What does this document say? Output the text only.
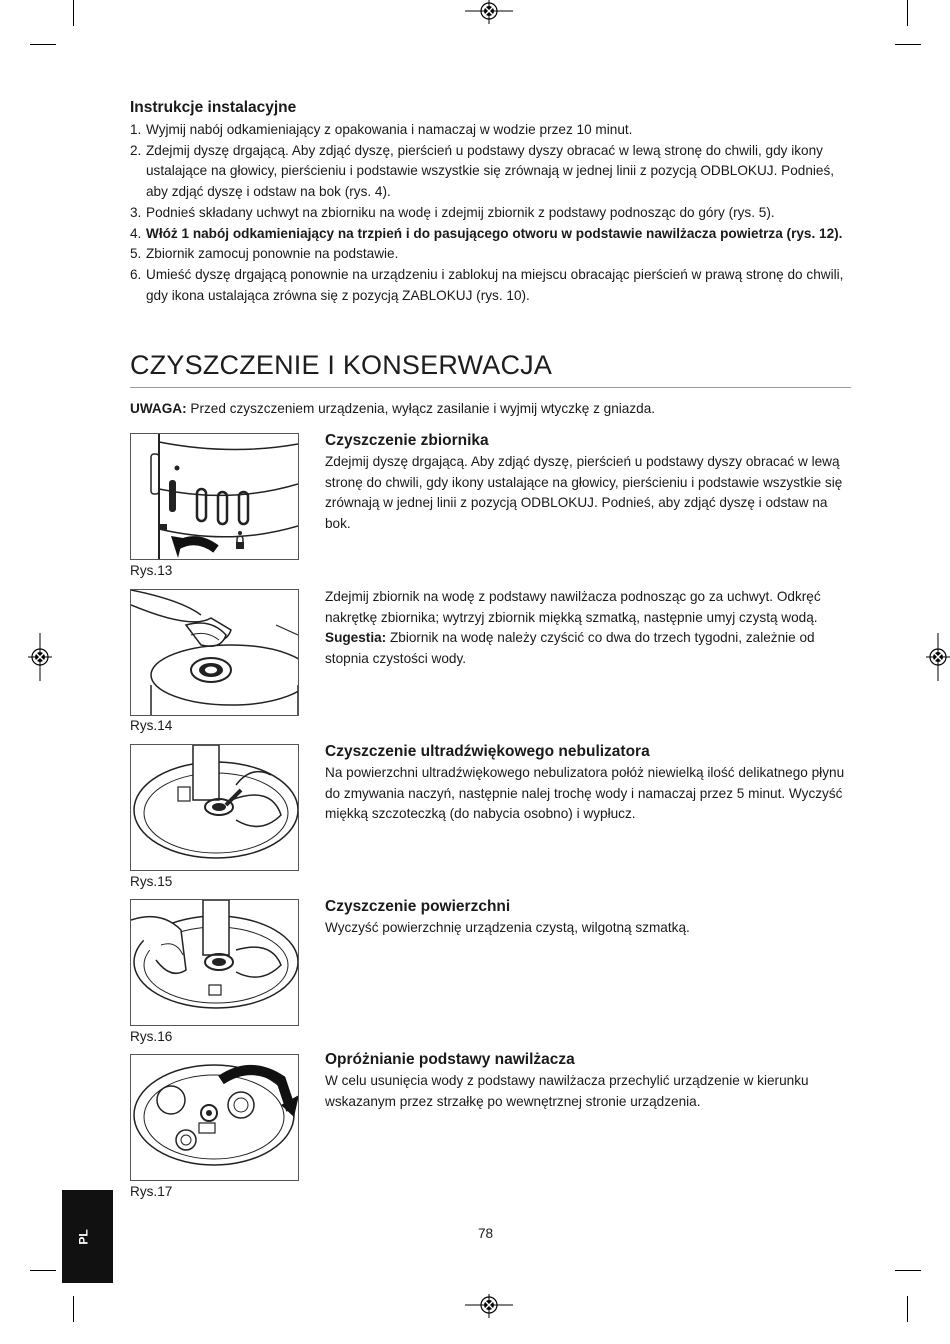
Instrukcje instalacyjne
1. Wyjmij nabój odkamieniający z opakowania i namaczaj w wodzie przez 10 minut.
2. Zdejmij dyszę drgającą. Aby zdjąć dyszę, pierścień u podstawy dyszy obracać w lewą stronę do chwili, gdy ikony ustalające na głowicy, pierścieniu i podstawie wszystkie się zrównają w jednej linii z pozycją ODBLOKUJ. Podnieś, aby zdjąć dyszę i odstaw na bok (rys. 4).
3. Podnieś składany uchwyt na zbiorniku na wodę i zdejmij zbiornik z podstawy podnosząc do góry (rys. 5).
4. Włóż 1 nabój odkamieniający na trzpień i do pasującego otworu w podstawie nawilżacza powietrza (rys. 12).
5. Zbiornik zamocuj ponownie na podstawie.
6. Umieść dyszę drgającą ponownie na urządzeniu i zablokuj na miejscu obracając pierścień w prawą stronę do chwili, gdy ikona ustalająca zrówna się z pozycją ZABLOKUJ (rys. 10).
CZYSZCZENIE I KONSERWACJA
UWAGA: Przed czyszczeniem urządzenia, wyłącz zasilanie i wyjmij wtyczkę z gniazda.
Rys.13
Czyszczenie zbiornika

Zdejmij dyszę drgającą. Aby zdjąć dyszę, pierścień u podstawy dyszy obracać w lewą stronę do chwili, gdy ikony ustalające na głowicy, pierścieniu i podstawie wszystkie się zrównają w jednej linii z pozycją ODBLOKUJ. Podnieś, aby zdjąć dyszę i odstaw na bok.

Rys.14

Zdejmij zbiornik na wodę z podstawy nawilżacza podnosząc go za uchwyt. Odkręć nakrętkę zbiornika; wytrzyj zbiornik miękką szmatką, następnie umyj czystą wodą.

Sugestia: Zbiornik na wodę należy czyścić co dwa do trzech tygodni, zależnie od stopnia czystości wody.

Rys.15
Czyszczenie ultradźwiękowego nebulizatora

Na powierzchni ultradźwiękowego nebulizatora połóż niewielką ilość delikatnego płynu do zmywania naczyń, następnie nalej trochę wody i namaczaj przez 5 minut. Wyczyść miękką szczoteczką (do nabycia osobno) i wypłucz.

Rys.16
Czyszczenie powierzchni

Wyczyść powierzchnię urządzenia czystą, wilgotną szmatką.

Rys.17
Opróżnianie podstawy nawilżacza

W celu usunięcia wody z podstawy nawilżacza przechylić urządzenie w kierunku wskazanym przez strzałkę po wewnętrznej stronie urządzenia.

PL	78
